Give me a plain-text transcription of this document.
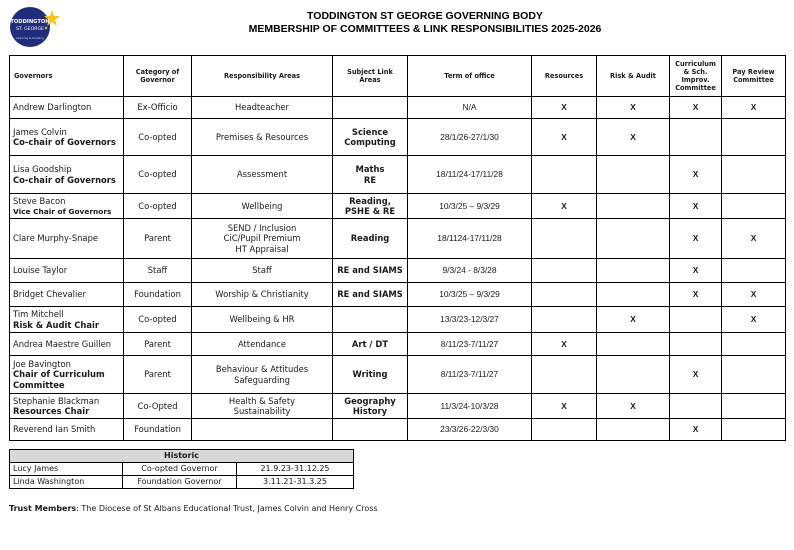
TODDINGTON
ST. GEORGE
Learning & Growing
TODDINGTON ST GEORGE GOVERNING BODY
MEMBERSHIP OF COMMITTEES & LINK RESPONSIBILITIES 2025-2026
Governors	Category of Governor	Responsibility Areas	Subject Link Areas	Term of office	Resources	Risk & Audit	Curriculum & Sch. Improv. Committee	Pay Review Committee

Andrew Darlington	Ex-Officio	Headteacher		N/A	X	X	X	X

James Colvin
Co-chair of Governors	Co-opted	Premises & Resources	Science
Computing	28/1/26-27/1/30	X	X		

Lisa Goodship
Co-chair of Governors	Co-opted	Assessment	Maths
RE	18/11/24-17/11/28			X	

Steve Bacon
Vice Chair of Governors	Co-opted	Wellbeing	Reading,
PSHE & RE	10/3/25 – 9/3/29	X		X	

Clare Murphy-Snape	Parent	SEND / Inclusion
CiC/Pupil Premium
HT Appraisal	Reading	18/1124-17/11/28			X	X

Louise Taylor	Staff	Staff	RE and SIAMS	9/3/24 - 8/3/28			X	

Bridget Chevalier	Foundation	Worship & Christianity	RE and SIAMS	10/3/25 – 9/3/29			X	X

Tim Mitchell
Risk & Audit Chair	Co-opted	Wellbeing & HR		13/3/23-12/3/27		X		X

Andrea Maestre Guillen	Parent	Attendance	Art / DT	8/11/23-7/11/27	X			

Joe Bavington
Chair of Curriculum Committee	Parent	Behaviour & Attitudes
Safeguarding	Writing	8/11/23-7/11/27			X	

Stephanie Blackman
Resources Chair	Co-Opted	Health & Safety
Sustainability	Geography
History	11/3/24-10/3/28	X	X		

Reverend Ian Smith	Foundation			23/3/26-22/3/30			X	
Historic		
Lucy James	Co-opted Governor	21.9.23-31.12.25
Linda Washington	Foundation Governor	3.11.21-31.3.25
Trust Members: The Diocese of St Albans Educational Trust, James Colvin and Henry Cross
